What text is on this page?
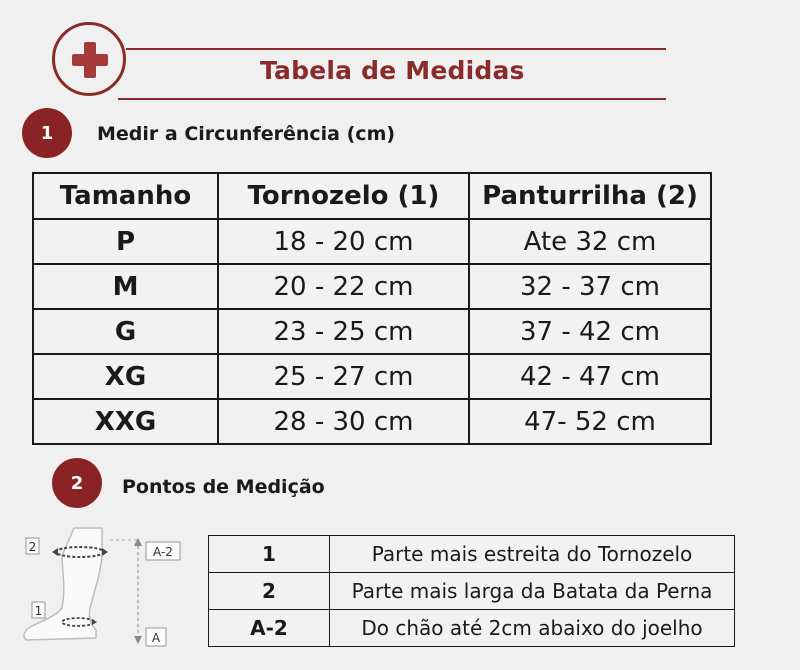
Tabela de Medidas
1	Medir a Circunferência (cm)
Tamanho	Tornozelo (1)	Panturrilha (2)
P	18 - 20 cm	Ate 32 cm
M	20 - 22 cm	32 - 37 cm
G	23 - 25 cm	37 - 42 cm
XG	25 - 27 cm	42 - 47 cm
XXG	28 - 30 cm	47- 52 cm
2	Pontos de Medição
2
1
A-2
A
1	Parte mais estreita do Tornozelo
2	Parte mais larga da Batata da Perna
A-2	Do chão até 2cm abaixo do joelho
